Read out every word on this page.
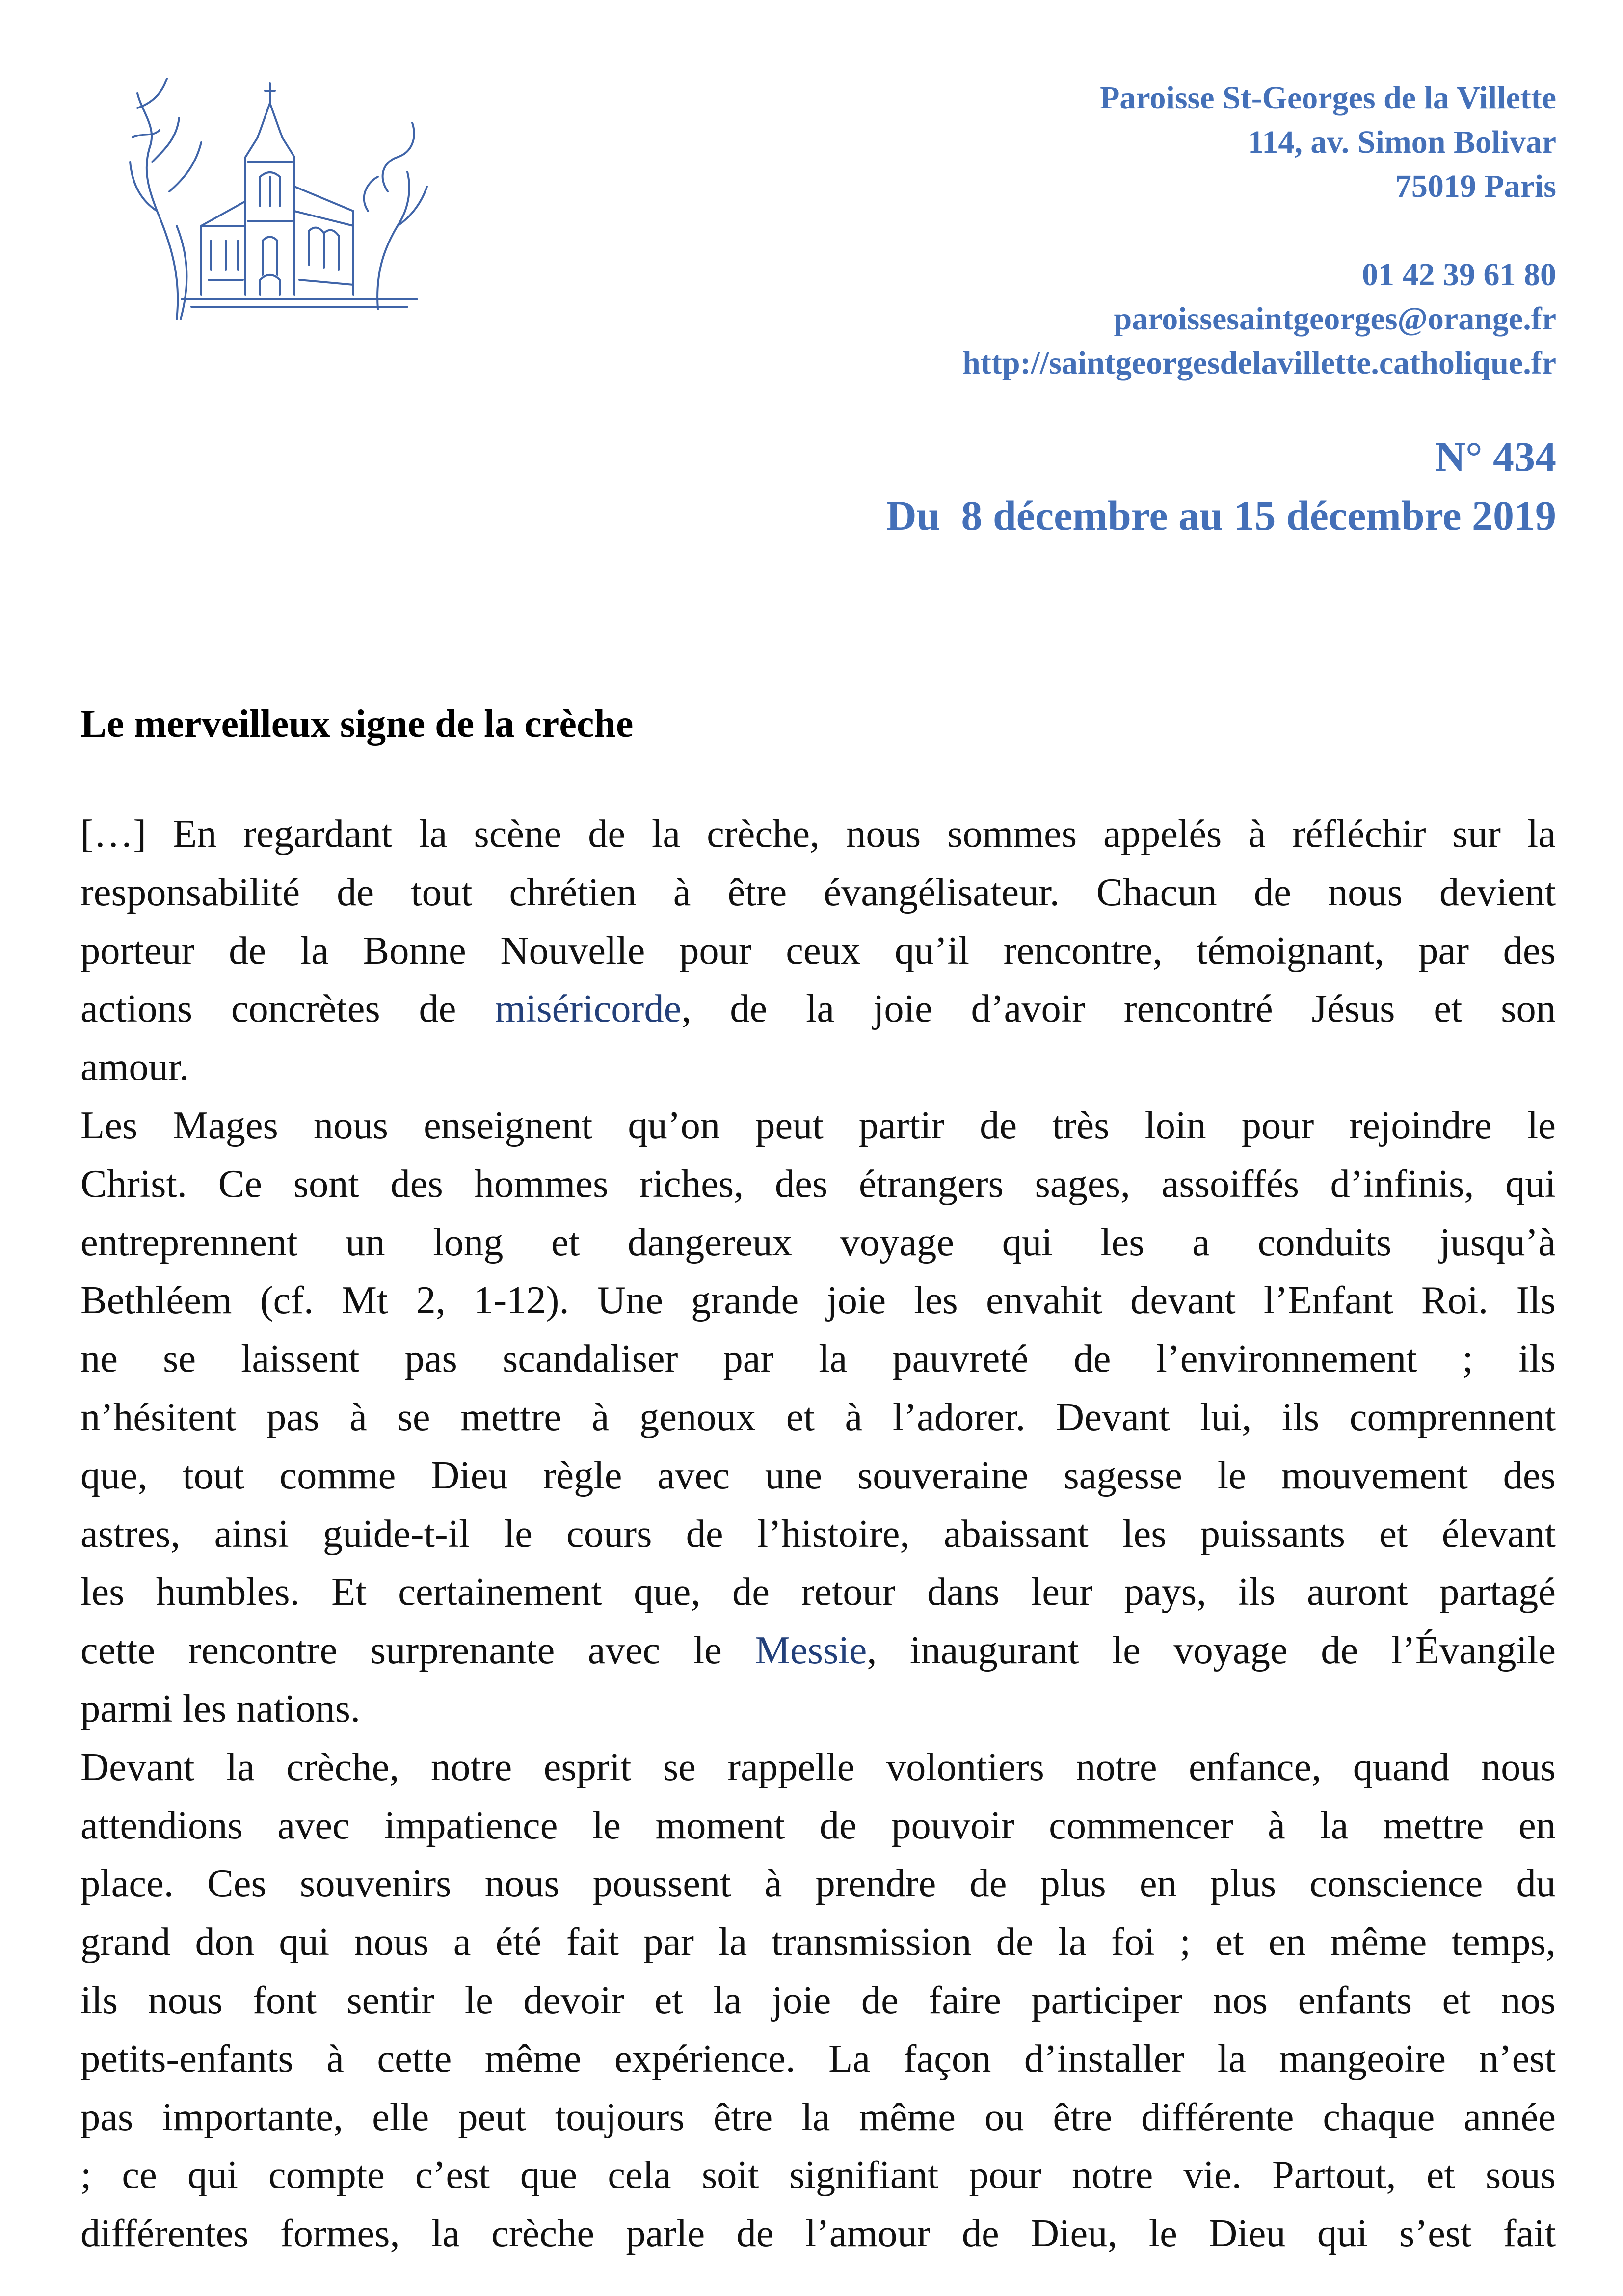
Paroisse St-Georges de la Villette
114, av. Simon Bolivar
75019 Paris
01 42 39 61 80
paroissesaintgeorges@orange.fr
http://saintgeorgesdelavillette.catholique.fr
N° 434
Du  8 décembre au 15 décembre 2019
Le merveilleux signe de la crèche
[…] En regardant la scène de la crèche, nous sommes appelés à réfléchir sur la
responsabilité de tout chrétien à être évangélisateur. Chacun de nous devient
porteur de la Bonne Nouvelle pour ceux qu’il rencontre, témoignant, par des
actions concrètes de miséricorde, de la joie d’avoir rencontré Jésus et son
amour.
Les Mages nous enseignent qu’on peut partir de très loin pour rejoindre le
Christ. Ce sont des hommes riches, des étrangers sages, assoiffés d’infinis, qui
entreprennent un long et dangereux voyage qui les a conduits jusqu’à
Bethléem (cf. Mt 2, 1-12). Une grande joie les envahit devant l’Enfant Roi. Ils
ne se laissent pas scandaliser par la pauvreté de l’environnement ; ils
n’hésitent pas à se mettre à genoux et à l’adorer. Devant lui, ils comprennent
que, tout comme Dieu règle avec une souveraine sagesse le mouvement des
astres, ainsi guide-t-il le cours de l’histoire, abaissant les puissants et élevant
les humbles. Et certainement que, de retour dans leur pays, ils auront partagé
cette rencontre surprenante avec le Messie, inaugurant le voyage de l’Évangile
parmi les nations.
Devant la crèche, notre esprit se rappelle volontiers notre enfance, quand nous
attendions avec impatience le moment de pouvoir commencer à la mettre en
place. Ces souvenirs nous poussent à prendre de plus en plus conscience du
grand don qui nous a été fait par la transmission de la foi ; et en même temps,
ils nous font sentir le devoir et la joie de faire participer nos enfants et nos
petits-enfants à cette même expérience. La façon d’installer la mangeoire n’est
pas importante, elle peut toujours être la même ou être différente chaque année
; ce qui compte c’est que cela soit signifiant pour notre vie. Partout, et sous
différentes formes, la crèche parle de l’amour de Dieu, le Dieu qui s’est fait
